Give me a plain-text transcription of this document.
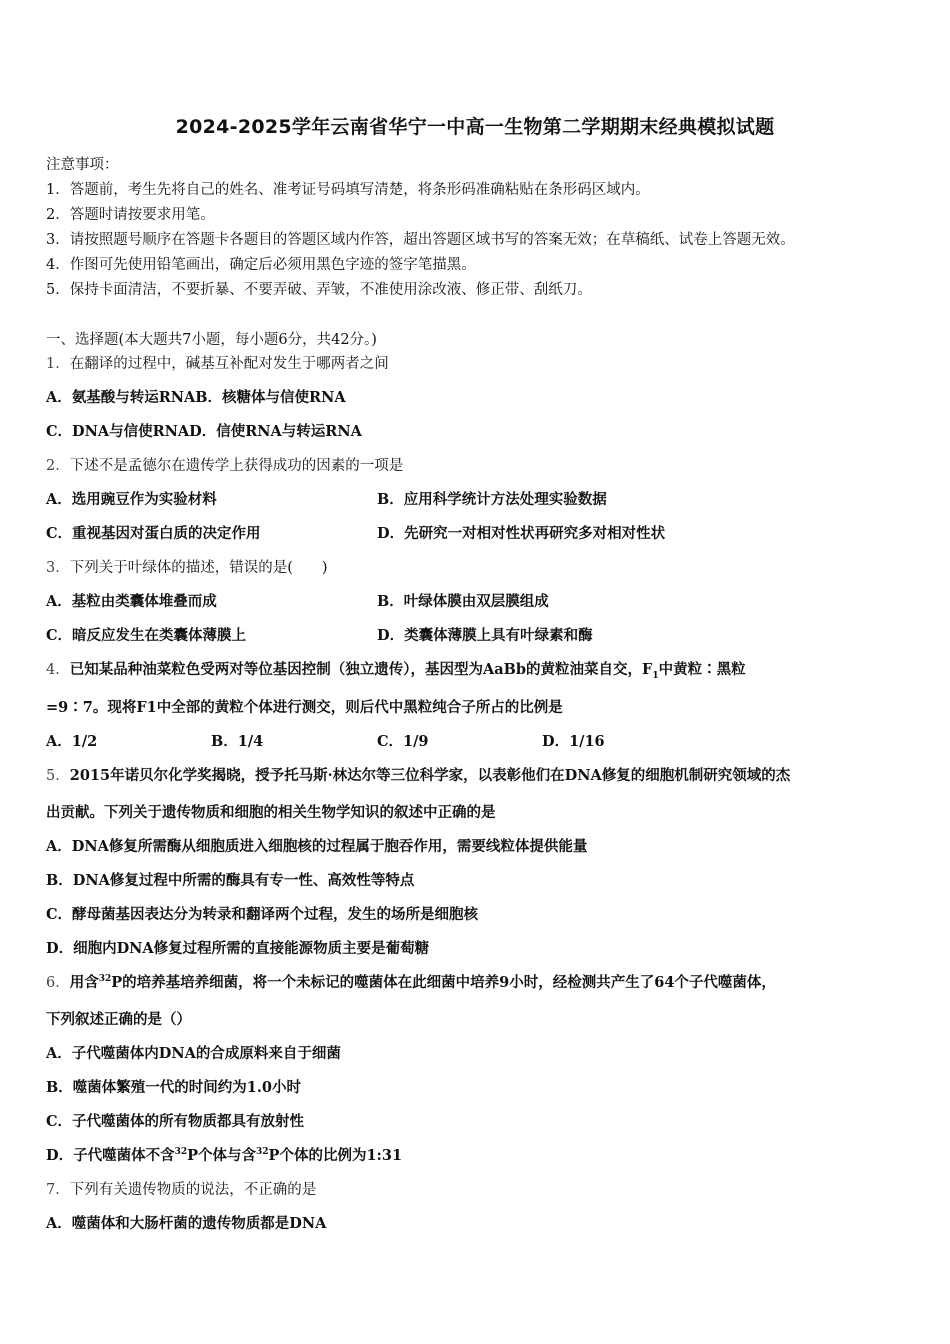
2024-2025学年云南省华宁一中高一生物第二学期期末经典模拟试题
注意事项：
1．答题前，考生先将自己的姓名、准考证号码填写清楚，将条形码准确粘贴在条形码区域内。
2．答题时请按要求用笔。
3．请按照题号顺序在答题卡各题目的答题区域内作答，超出答题区域书写的答案无效；在草稿纸、试卷上答题无效。
4．作图可先使用铅笔画出，确定后必须用黑色字迹的签字笔描黑。
5．保持卡面清洁，不要折暴、不要弄破、弄皱，不准使用涂改液、修正带、刮纸刀。
一、选择题(本大题共7小题，每小题6分，共42分。)
1．在翻译的过程中，碱基互补配对发生于哪两者之间
A．氨基酸与转运RNAB．核糖体与信使RNA
C．DNA与信使RNAD．信使RNA与转运RNA
2．下述不是孟德尔在遗传学上获得成功的因素的一项是
A．选用豌豆作为实验材料	B．应用科学统计方法处理实验数据
C．重视基因对蛋白质的决定作用	D．先研究一对相对性状再研究多对相对性状
3．下列关于叶绿体的描述，错误的是(　　)
A．基粒由类囊体堆叠而成	B．叶绿体膜由双层膜组成
C．暗反应发生在类囊体薄膜上	D．类囊体薄膜上具有叶绿素和酶
4．已知某品种油菜粒色受两对等位基因控制（独立遗传），基因型为AaBb的黄粒油菜自交，$F_1$中黄粒∶黑粒
=9∶7。现将F1中全部的黄粒个体进行测交，则后代中黑粒纯合子所占的比例是
A．1/2	B．1/4	C．1/9	D．1/16
5．2015年诺贝尔化学奖揭晓，授予托马斯·林达尔等三位科学家，以表彰他们在DNA修复的细胞机制研究领域的杰
出贡献。下列关于遗传物质和细胞的相关生物学知识的叙述中正确的是
A．DNA修复所需酶从细胞质进入细胞核的过程属于胞吞作用，需要线粒体提供能量
B．DNA修复过程中所需的酶具有专一性、高效性等特点
C．酵母菌基因表达分为转录和翻译两个过程，发生的场所是细胞核
D．细胞内DNA修复过程所需的直接能源物质主要是葡萄糖
6．用含$^{32}$P的培养基培养细菌，将一个未标记的噬菌体在此细菌中培养9小时，经检测共产生了64个子代噬菌体，
下列叙述正确的是（）
A．子代噬菌体内DNA的合成原料来自于细菌
B．噬菌体繁殖一代的时间约为1.0小时
C．子代噬菌体的所有物质都具有放射性
D．子代噬菌体不含$^{32}$P个体与含$^{32}$P个体的比例为1:31
7．下列有关遗传物质的说法，不正确的是
A．噬菌体和大肠杆菌的遗传物质都是DNA
